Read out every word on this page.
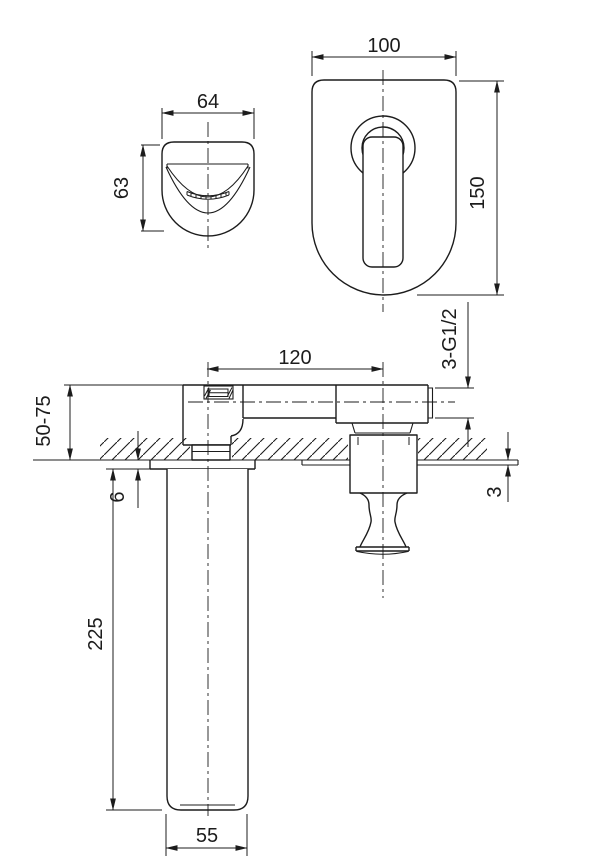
64
63
100
150
120
50-75
6	3
3-G1/2
225
55
